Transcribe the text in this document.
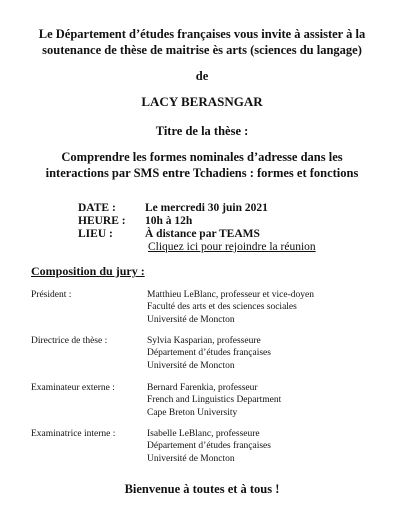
Le Département d’études françaises vous invite à assister à la
soutenance de thèse de maitrise ès arts (sciences du langage)
de
LACY BERASNGAR
Titre de la thèse :
Comprendre les formes nominales d’adresse dans les
interactions par SMS entre Tchadiens : formes et fonctions
DATE :	Le mercredi 30 juin 2021
HEURE :	10h à 12h
LIEU :	À distance par TEAMS
Cliquez ici pour rejoindre la réunion
Composition du jury :
Président :	Matthieu LeBlanc, professeur et vice-doyen
Faculté des arts et des sciences sociales
Université de Moncton
Directrice de thèse :	Sylvia Kasparian, professeure
Département d’études françaises
Université de Moncton
Examinateur externe :	Bernard Farenkia, professeur
French and Linguistics Department
Cape Breton University
Examinatrice interne :	Isabelle LeBlanc, professeure
Département d’études françaises
Université de Moncton
Bienvenue à toutes et à tous !
